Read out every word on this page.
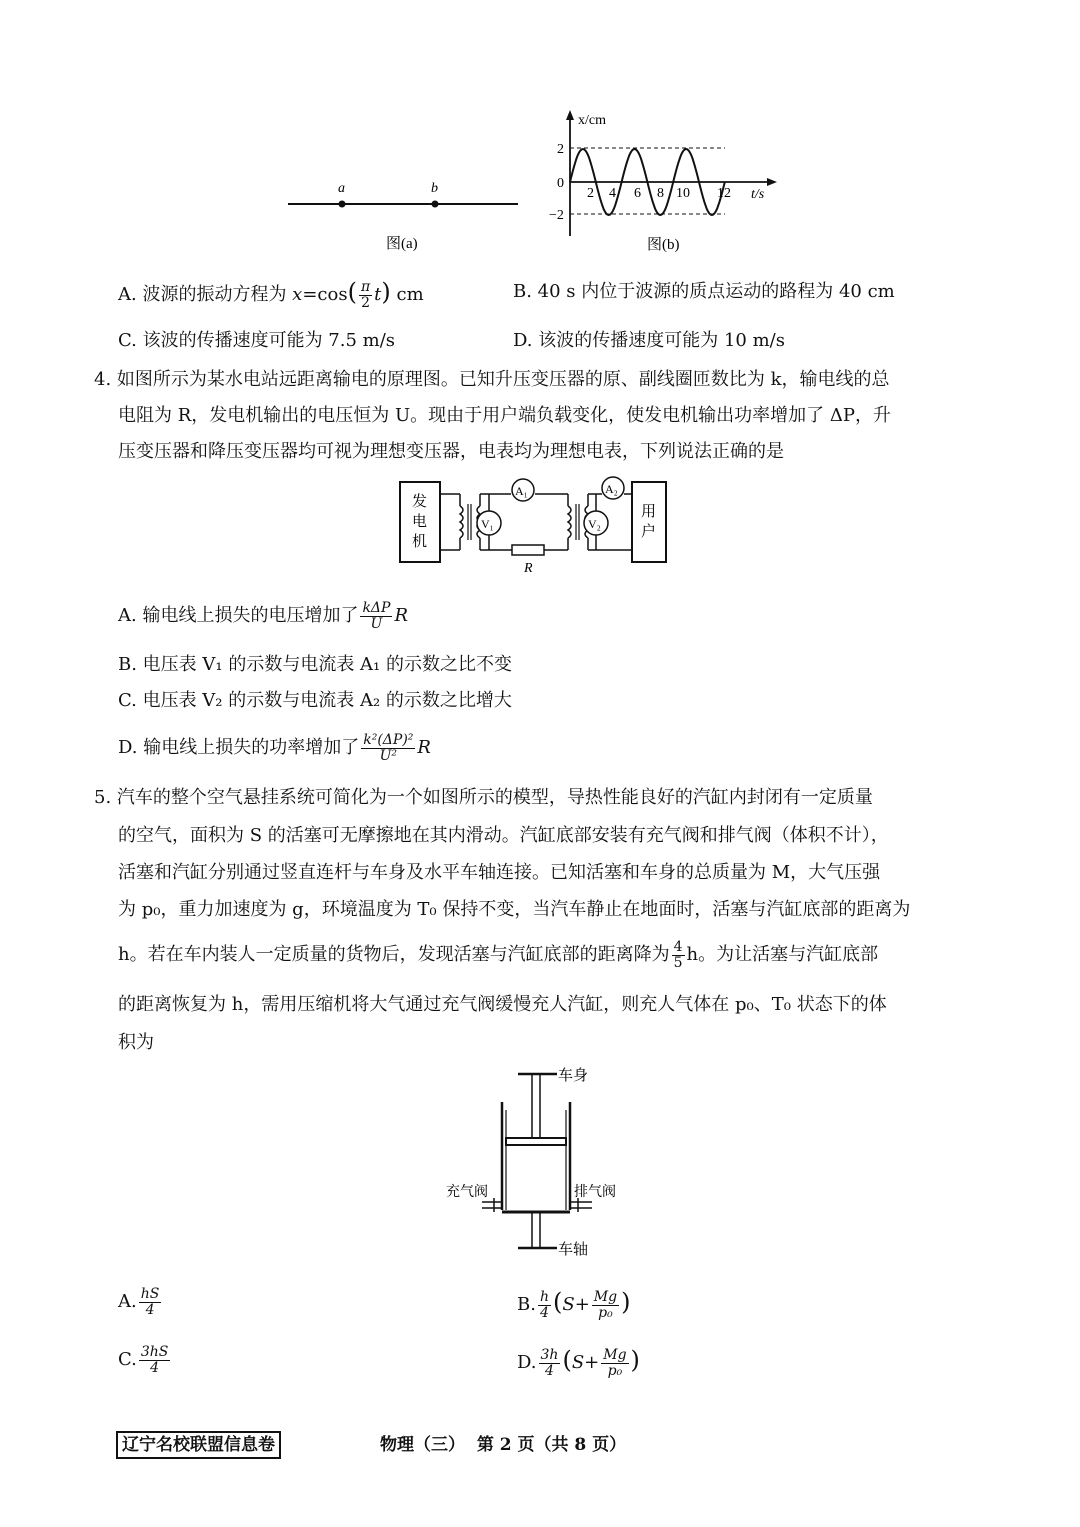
a	b
图(a)
x/cm
t/s
2
0
−2
2 4 6 8 10 12
图(b)
A. 波源的振动方程为 $x=\cos( \frac{\pi}{2} t)$ cm	B. 40 s 内位于波源的质点运动的路程为 40 cm
C. 该波的传播速度可能为 7.5 m/s	D. 该波的传播速度可能为 10 m/s
4. 如图所示为某水电站远距离输电的原理图。已知升压变压器的原、副线圈匝数比为 k，输电线的总
电阻为 R，发电机输出的电压恒为 U。现由于用户端负载变化，使发电机输出功率增加了 ΔP，升
压变压器和降压变压器均可视为理想变压器，电表均为理想电表，下列说法正确的是
发
电
机
A₁
V₁
R
A₂
V₂
用
户
A. 输电线上损失的电压增加了 $\frac{\text{kΔP}}{U}$ R
B. 电压表 V₁ 的示数与电流表 A₁ 的示数之比不变
C. 电压表 V₂ 的示数与电流表 A₂ 的示数之比增大
D. 输电线上损失的功率增加了 $\frac{\text{k²(ΔP)²}}{\text{U²}}$ R
5. 汽车的整个空气悬挂系统可简化为一个如图所示的模型，导热性能良好的汽缸内封闭有一定质量
的空气，面积为 S 的活塞可无摩擦地在其内滑动。汽缸底部安装有充气阀和排气阀（体积不计），
活塞和汽缸分别通过竖直连杆与车身及水平车轴连接。已知活塞和车身的总质量为 M，大气压强
为 p₀，重力加速度为 g，环境温度为 T₀ 保持不变，当汽车静止在地面时，活塞与汽缸底部的距离为
h。若在车内装人一定质量的货物后，发现活塞与汽缸底部的距离降为 $\frac{4}{5}$ h。为让活塞与汽缸底部
的距离恢复为 h，需用压缩机将大气通过充气阀缓慢充人汽缸，则充人气体在 p₀、T₀ 状态下的体
积为
车身
充气阀	排气阀
车轴
A. $\frac{hS}{4}$	B. $\frac{h}{4} (S+ \frac{Mg}{\text{p₀}}$ )
C. $\frac{3hS}{4}$	D. $\frac{3h}{4} (S+ \frac{Mg}{\text{p₀}}$ )
辽宁名校联盟信息卷	物理（三）  第 2 页（共 8 页）
